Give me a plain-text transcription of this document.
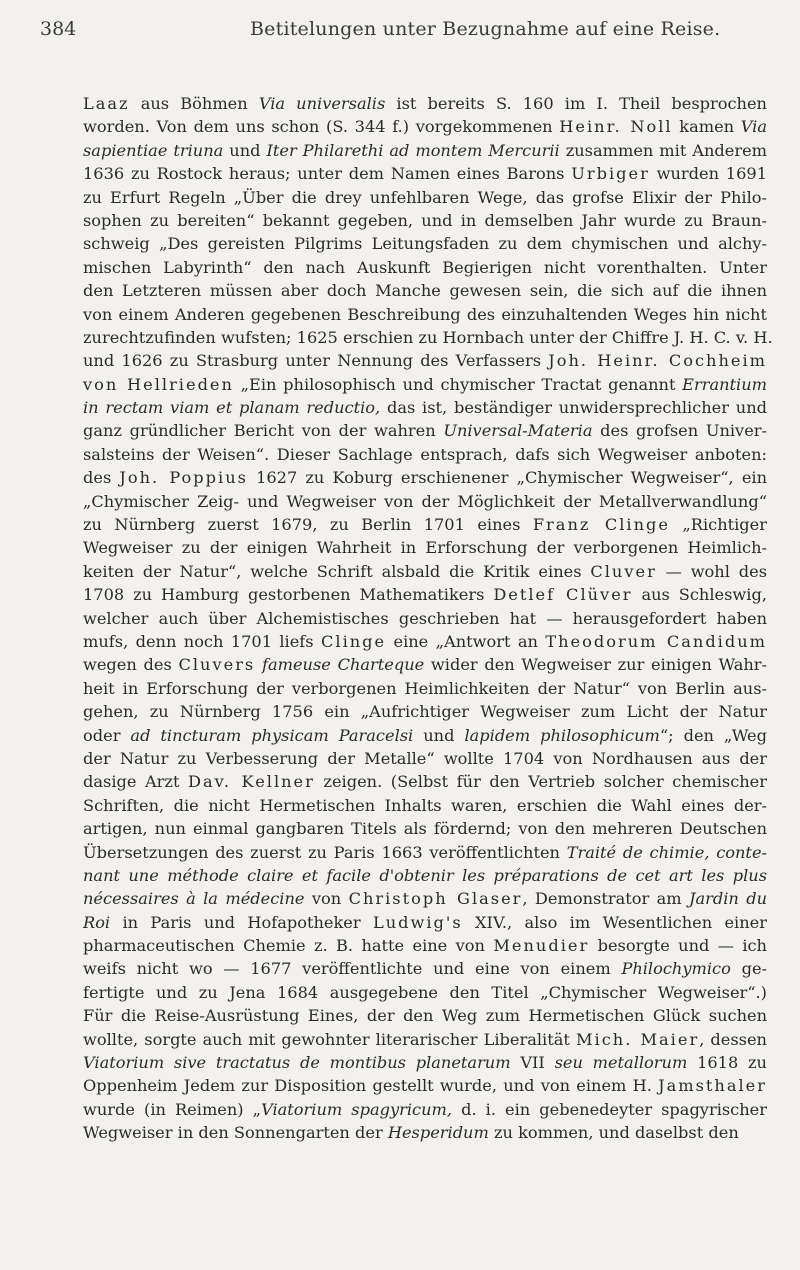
384	Betitelungen unter Bezugnahme auf eine Reise.
Laaz aus Böhmen Via universalis ist bereits S. 160 im I. Theil besprochen
worden. Von dem uns schon (S. 344 f.) vorgekommenen Heinr. Noll kamen Via
sapientiae triuna und Iter Philarethi ad montem Mercurii zusammen mit Anderem
1636 zu Rostock heraus; unter dem Namen eines Barons Urbiger wurden 1691
zu Erfurt Regeln „Über die drey unfehlbaren Wege, das grofse Elixir der Philo-
sophen zu bereiten“ bekannt gegeben, und in demselben Jahr wurde zu Braun-
schweig „Des gereisten Pilgrims Leitungsfaden zu dem chymischen und alchy-
mischen Labyrinth“ den nach Auskunft Begierigen nicht vorenthalten. Unter
den Letzteren müssen aber doch Manche gewesen sein, die sich auf die ihnen
von einem Anderen gegebenen Beschreibung des einzuhaltenden Weges hin nicht
zurechtzufinden wufsten; 1625 erschien zu Hornbach unter der Chiffre J. H. C. v. H.
und 1626 zu Strasburg unter Nennung des Verfassers Joh. Heinr. Cochheim
von Hellrieden „Ein philosophisch und chymischer Tractat genannt Errantium
in rectam viam et planam reductio, das ist, beständiger unwidersprechlicher und
ganz gründlicher Bericht von der wahren Universal-Materia des grofsen Univer-
salsteins der Weisen“. Dieser Sachlage entsprach, dafs sich Wegweiser anboten:
des Joh. Poppius 1627 zu Koburg erschienener „Chymischer Wegweiser“, ein
„Chymischer Zeig- und Wegweiser von der Möglichkeit der Metallverwandlung“
zu Nürnberg zuerst 1679, zu Berlin 1701 eines Franz Clinge „Richtiger
Wegweiser zu der einigen Wahrheit in Erforschung der verborgenen Heimlich-
keiten der Natur“, welche Schrift alsbald die Kritik eines Cluver — wohl des
1708 zu Hamburg gestorbenen Mathematikers Detlef Clüver aus Schleswig,
welcher auch über Alchemistisches geschrieben hat — herausgefordert haben
mufs, denn noch 1701 liefs Clinge eine „Antwort an Theodorum Candidum
wegen des Cluvers fameuse Charteque wider den Wegweiser zur einigen Wahr-
heit in Erforschung der verborgenen Heimlichkeiten der Natur“ von Berlin aus-
gehen, zu Nürnberg 1756 ein „Aufrichtiger Wegweiser zum Licht der Natur
oder ad tincturam physicam Paracelsi und lapidem philosophicum“; den „Weg
der Natur zu Verbesserung der Metalle“ wollte 1704 von Nordhausen aus der
dasige Arzt Dav. Kellner zeigen. (Selbst für den Vertrieb solcher chemischer
Schriften, die nicht Hermetischen Inhalts waren, erschien die Wahl eines der-
artigen, nun einmal gangbaren Titels als fördernd; von den mehreren Deutschen
Übersetzungen des zuerst zu Paris 1663 veröffentlichten Traité de chimie, conte-
nant une méthode claire et facile d'obtenir les préparations de cet art les plus
nécessaires à la médecine von Christoph Glaser, Demonstrator am Jardin du
Roi in Paris und Hofapotheker Ludwig's XIV., also im Wesentlichen einer
pharmaceutischen Chemie z. B. hatte eine von Menudier besorgte und — ich
weifs nicht wo — 1677 veröffentlichte und eine von einem Philochymico ge-
fertigte und zu Jena 1684 ausgegebene den Titel „Chymischer Wegweiser“.)
Für die Reise-Ausrüstung Eines, der den Weg zum Hermetischen Glück suchen
wollte, sorgte auch mit gewohnter literarischer Liberalität Mich. Maier, dessen
Viatorium sive tractatus de montibus planetarum VII seu metallorum 1618 zu
Oppenheim Jedem zur Disposition gestellt wurde, und von einem H. Jamsthaler
wurde (in Reimen) „Viatorium spagyricum, d. i. ein gebenedeyter spagyrischer
Wegweiser in den Sonnengarten der Hesperidum zu kommen, und daselbst den
